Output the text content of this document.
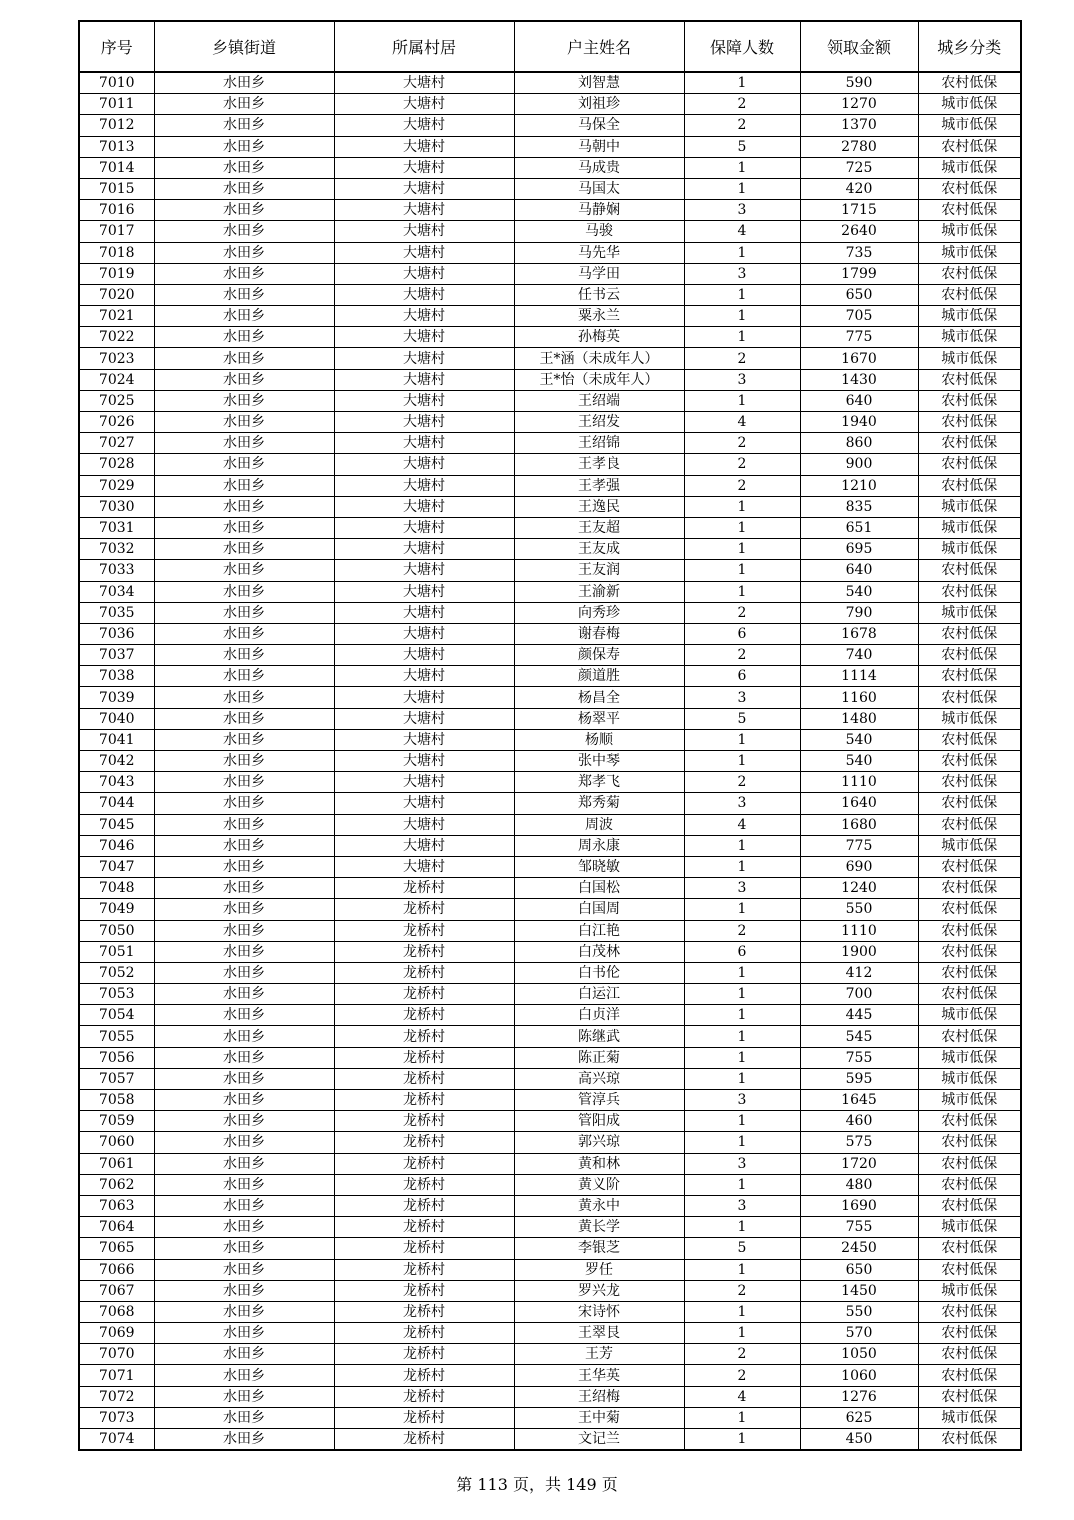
序号	乡镇街道	所属村居	户主姓名	保障人数	领取金额	城乡分类
7010	水田乡	大塘村	刘智慧	1	590	农村低保
7011	水田乡	大塘村	刘祖珍	2	1270	城市低保
7012	水田乡	大塘村	马保全	2	1370	城市低保
7013	水田乡	大塘村	马朝中	5	2780	农村低保
7014	水田乡	大塘村	马成贵	1	725	城市低保
7015	水田乡	大塘村	马国太	1	420	农村低保
7016	水田乡	大塘村	马静娴	3	1715	农村低保
7017	水田乡	大塘村	马骏	4	2640	城市低保
7018	水田乡	大塘村	马先华	1	735	城市低保
7019	水田乡	大塘村	马学田	3	1799	农村低保
7020	水田乡	大塘村	任书云	1	650	农村低保
7021	水田乡	大塘村	粟永兰	1	705	城市低保
7022	水田乡	大塘村	孙梅英	1	775	城市低保
7023	水田乡	大塘村	王*涵（未成年人）	2	1670	城市低保
7024	水田乡	大塘村	王*怡（未成年人）	3	1430	农村低保
7025	水田乡	大塘村	王绍端	1	640	农村低保
7026	水田乡	大塘村	王绍发	4	1940	农村低保
7027	水田乡	大塘村	王绍锦	2	860	农村低保
7028	水田乡	大塘村	王孝良	2	900	农村低保
7029	水田乡	大塘村	王孝强	2	1210	农村低保
7030	水田乡	大塘村	王逸民	1	835	城市低保
7031	水田乡	大塘村	王友超	1	651	城市低保
7032	水田乡	大塘村	王友成	1	695	城市低保
7033	水田乡	大塘村	王友润	1	640	农村低保
7034	水田乡	大塘村	王渝新	1	540	农村低保
7035	水田乡	大塘村	向秀珍	2	790	城市低保
7036	水田乡	大塘村	谢春梅	6	1678	农村低保
7037	水田乡	大塘村	颜保寿	2	740	农村低保
7038	水田乡	大塘村	颜道胜	6	1114	农村低保
7039	水田乡	大塘村	杨昌全	3	1160	农村低保
7040	水田乡	大塘村	杨翠平	5	1480	城市低保
7041	水田乡	大塘村	杨顺	1	540	农村低保
7042	水田乡	大塘村	张中琴	1	540	农村低保
7043	水田乡	大塘村	郑孝飞	2	1110	农村低保
7044	水田乡	大塘村	郑秀菊	3	1640	农村低保
7045	水田乡	大塘村	周波	4	1680	农村低保
7046	水田乡	大塘村	周永康	1	775	城市低保
7047	水田乡	大塘村	邹晓敏	1	690	农村低保
7048	水田乡	龙桥村	白国松	3	1240	农村低保
7049	水田乡	龙桥村	白国周	1	550	农村低保
7050	水田乡	龙桥村	白江艳	2	1110	农村低保
7051	水田乡	龙桥村	白茂林	6	1900	农村低保
7052	水田乡	龙桥村	白书伦	1	412	农村低保
7053	水田乡	龙桥村	白运江	1	700	农村低保
7054	水田乡	龙桥村	白贞洋	1	445	城市低保
7055	水田乡	龙桥村	陈继武	1	545	农村低保
7056	水田乡	龙桥村	陈正菊	1	755	城市低保
7057	水田乡	龙桥村	高兴琼	1	595	城市低保
7058	水田乡	龙桥村	管淳兵	3	1645	城市低保
7059	水田乡	龙桥村	管阳成	1	460	农村低保
7060	水田乡	龙桥村	郭兴琼	1	575	农村低保
7061	水田乡	龙桥村	黄和林	3	1720	农村低保
7062	水田乡	龙桥村	黄义阶	1	480	农村低保
7063	水田乡	龙桥村	黄永中	3	1690	农村低保
7064	水田乡	龙桥村	黄长学	1	755	城市低保
7065	水田乡	龙桥村	李银芝	5	2450	农村低保
7066	水田乡	龙桥村	罗任	1	650	农村低保
7067	水田乡	龙桥村	罗兴龙	2	1450	城市低保
7068	水田乡	龙桥村	宋诗怀	1	550	农村低保
7069	水田乡	龙桥村	王翠艮	1	570	农村低保
7070	水田乡	龙桥村	王芳	2	1050	农村低保
7071	水田乡	龙桥村	王华英	2	1060	农村低保
7072	水田乡	龙桥村	王绍梅	4	1276	农村低保
7073	水田乡	龙桥村	王中菊	1	625	城市低保
7074	水田乡	龙桥村	文记兰	1	450	农村低保
第 113 页，共 149 页
